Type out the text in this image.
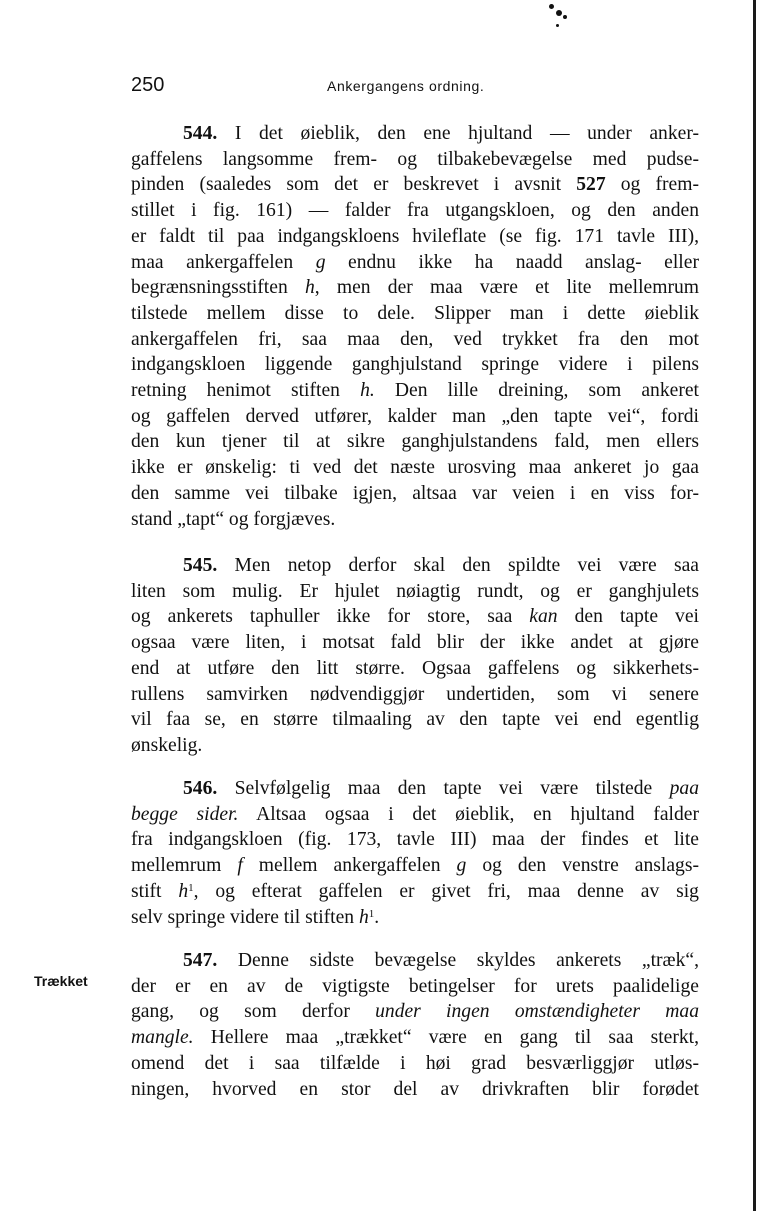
250	Ankergangens ordning.
544. I det øieblik, den ene hjultand — under anker-
gaffelens langsomme frem- og tilbakebevægelse med pudse-
pinden (saaledes som det er beskrevet i avsnit 527 og frem-
stillet i fig. 161) — falder fra utgangskloen, og den anden
er faldt til paa indgangskloens hvileflate (se fig. 171 tavle III),
maa ankergaffelen g endnu ikke ha naadd anslag- eller
begrænsningsstiften h, men der maa være et lite mellemrum
tilstede mellem disse to dele. Slipper man i dette øieblik
ankergaffelen fri, saa maa den, ved trykket fra den mot
indgangskloen liggende ganghjulstand springe videre i pilens
retning henimot stiften h. Den lille dreining, som ankeret
og gaffelen derved utfører, kalder man „den tapte vei“, fordi
den kun tjener til at sikre ganghjulstandens fald, men ellers
ikke er ønskelig: ti ved det næste urosving maa ankeret jo gaa
den samme vei tilbake igjen, altsaa var veien i en viss for-
stand „tapt“ og forgjæves.
545. Men netop derfor skal den spildte vei være saa
liten som mulig. Er hjulet nøiagtig rundt, og er ganghjulets
og ankerets taphuller ikke for store, saa kan den tapte vei
ogsaa være liten, i motsat fald blir der ikke andet at gjøre
end at utføre den litt større. Ogsaa gaffelens og sikkerhets-
rullens samvirken nødvendiggjør undertiden, som vi senere
vil faa se, en større tilmaaling av den tapte vei end egentlig
ønskelig.
546. Selvfølgelig maa den tapte vei være tilstede paa
begge sider. Altsaa ogsaa i det øieblik, en hjultand falder
fra indgangskloen (fig. 173, tavle III) maa der findes et lite
mellemrum f mellem ankergaffelen g og den venstre anslags-
stift $h^1$, og efterat gaffelen er givet fri, maa denne av sig
selv springe videre til stiften $h^1$.
Trækket
547. Denne sidste bevægelse skyldes ankerets „træk“,
der er en av de vigtigste betingelser for urets paalidelige
gang, og som derfor under ingen omstændigheter maa
mangle. Hellere maa „trækket“ være en gang til saa sterkt,
omend det i saa tilfælde i høi grad besværliggjør utløs-
ningen, hvorved en stor del av drivkraften blir forødet
